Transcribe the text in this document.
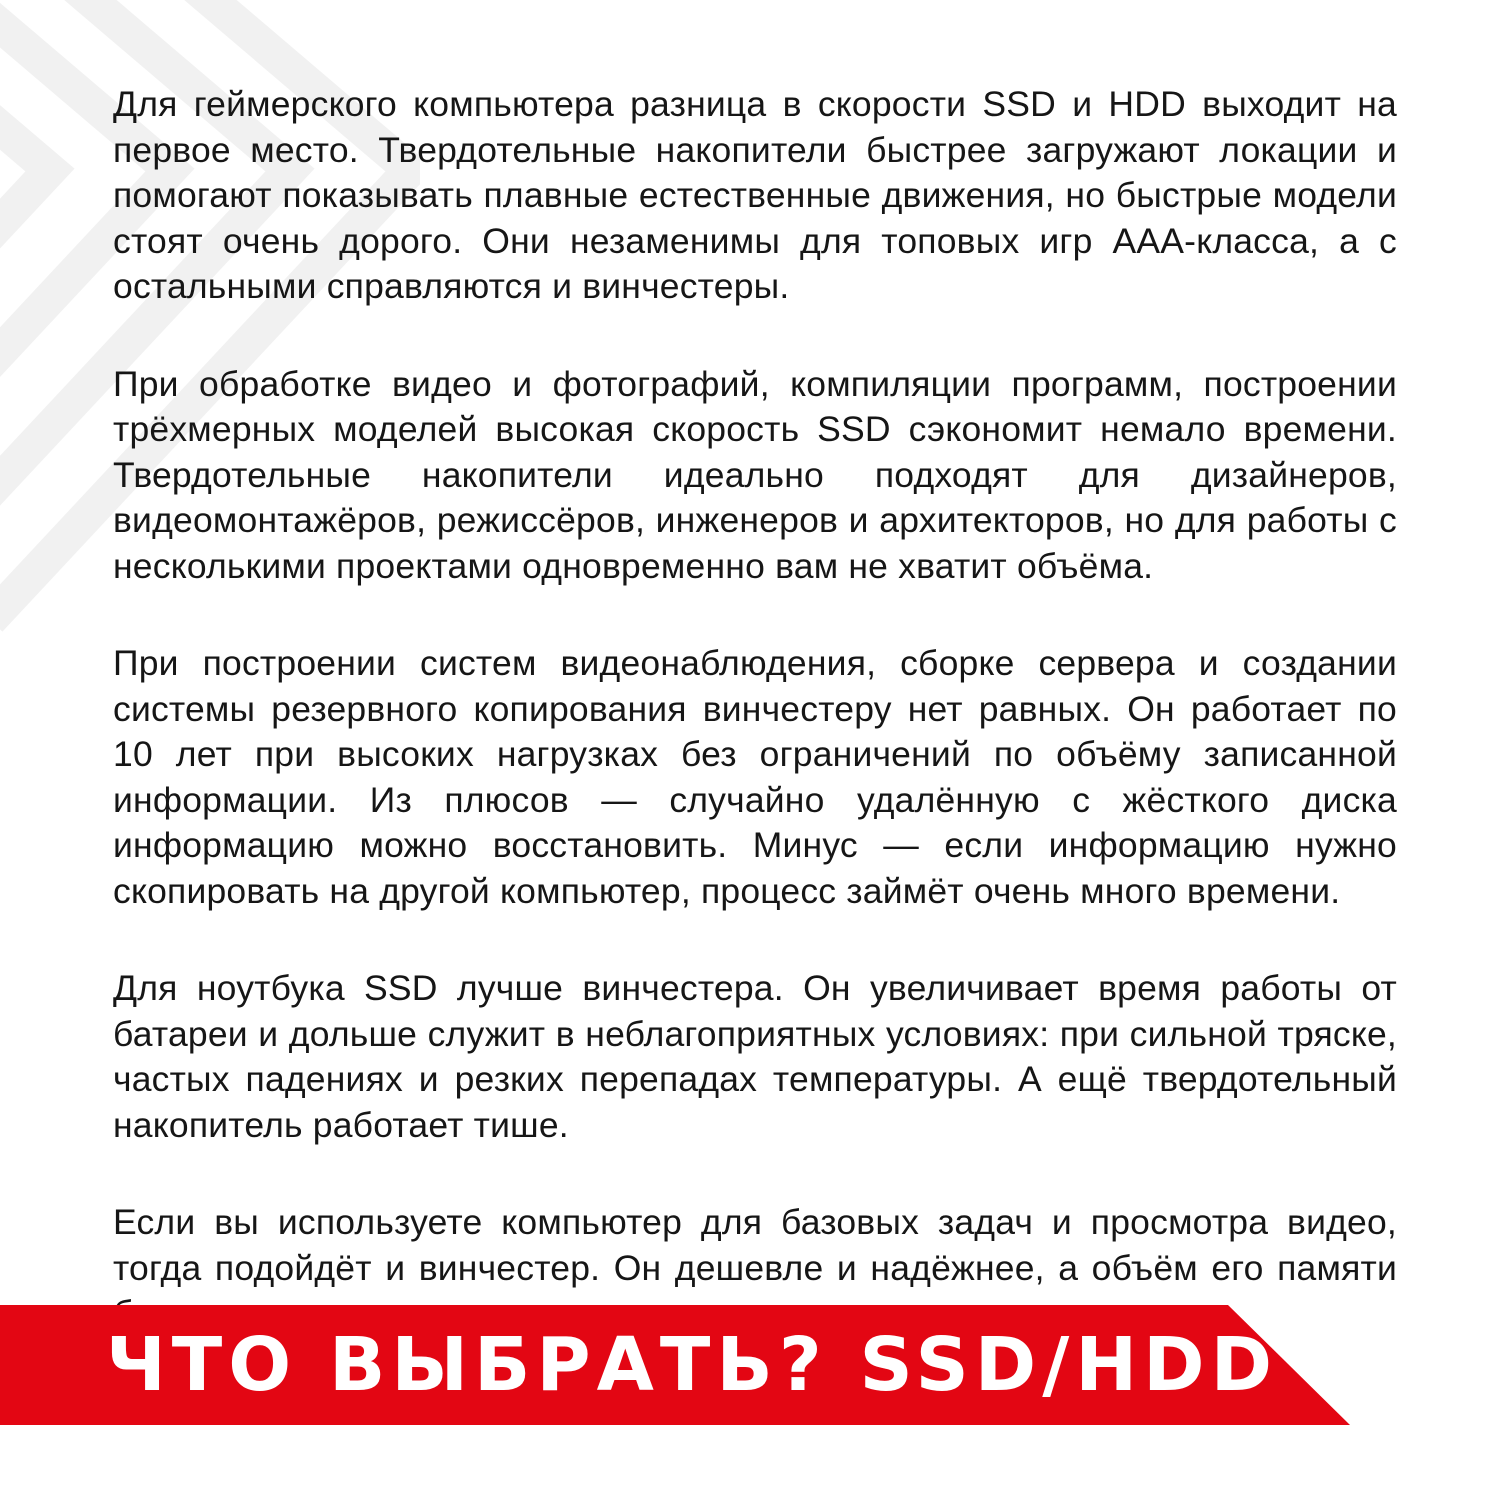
Для геймерского компьютера разница в скорости SSD и HDD выходит на первое место. Твердотельные накопители быстрее загружают локации и помогают показывать плавные естественные движения, но быстрые модели стоят очень дорого. Они незаменимы для топовых игр AAA-класса, а с остальными справляются и винчестеры.

При обработке видео и фотографий, компиляции программ, построении трёхмерных моделей высокая скорость SSD сэкономит немало времени. Твердотельные накопители идеально подходят для дизайнеров, видеомонтажёров, режиссёров, инженеров и архитекторов, но для работы с несколькими проектами одновременно вам не хватит объёма.

При построении систем видеонаблюдения, сборке сервера и создании системы резервного копирования винчестеру нет равных. Он работает по 10 лет при высоких нагрузках без ограничений по объёму записанной информации. Из плюсов — случайно удалённую с жёсткого диска информацию можно восстановить. Минус — если информацию нужно скопировать на другой компьютер, процесс займёт очень много времени.

Для ноутбука SSD лучше винчестера. Он увеличивает время работы от батареи и дольше служит в неблагоприятных условиях: при сильной тряске, частых падениях и резких перепадах температуры. А ещё твердотельный накопитель работает тише.

Если вы используете компьютер для базовых задач и просмотра видео, тогда подойдёт и винчестер. Он дешевле и надёжнее, а объём его памяти

ЧТО ВЫБРАТЬ? SSD/HDD
